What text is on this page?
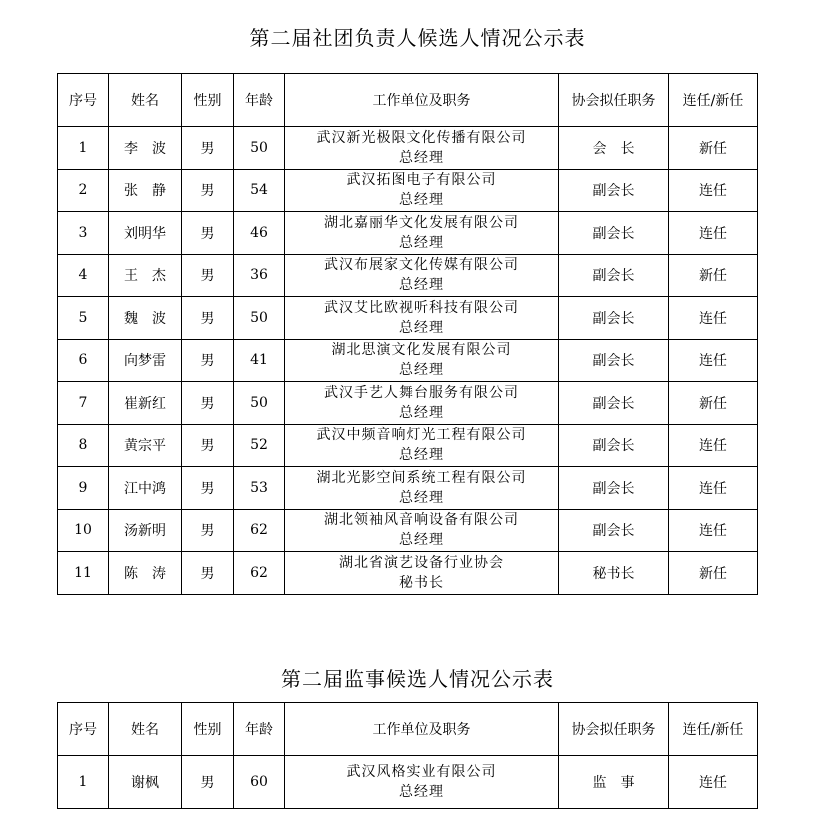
第二届社团负责人候选人情况公示表
序号	姓名	性别	年龄	工作单位及职务	协会拟任职务	连任/新任
1	李　波	男	50	武汉新光极限文化传播有限公司
总经理	会　长	新任
2	张　静	男	54	武汉拓图电子有限公司
总经理	副会长	连任
3	刘明华	男	46	湖北嘉丽华文化发展有限公司
总经理	副会长	连任
4	王　杰	男	36	武汉布展家文化传媒有限公司
总经理	副会长	新任
5	魏　波	男	50	武汉艾比欧视听科技有限公司
总经理	副会长	连任
6	向梦雷	男	41	湖北思演文化发展有限公司
总经理	副会长	连任
7	崔新红	男	50	武汉手艺人舞台服务有限公司
总经理	副会长	新任
8	黄宗平	男	52	武汉中频音响灯光工程有限公司
总经理	副会长	连任
9	江中鸿	男	53	湖北光影空间系统工程有限公司
总经理	副会长	连任
10	汤新明	男	62	湖北领袖风音响设备有限公司
总经理	副会长	连任
11	陈　涛	男	62	湖北省演艺设备行业协会
秘书长	秘书长	新任
第二届监事候选人情况公示表
序号	姓名	性别	年龄	工作单位及职务	协会拟任职务	连任/新任
1	谢枫	男	60	武汉风格实业有限公司
总经理	监　事	连任
